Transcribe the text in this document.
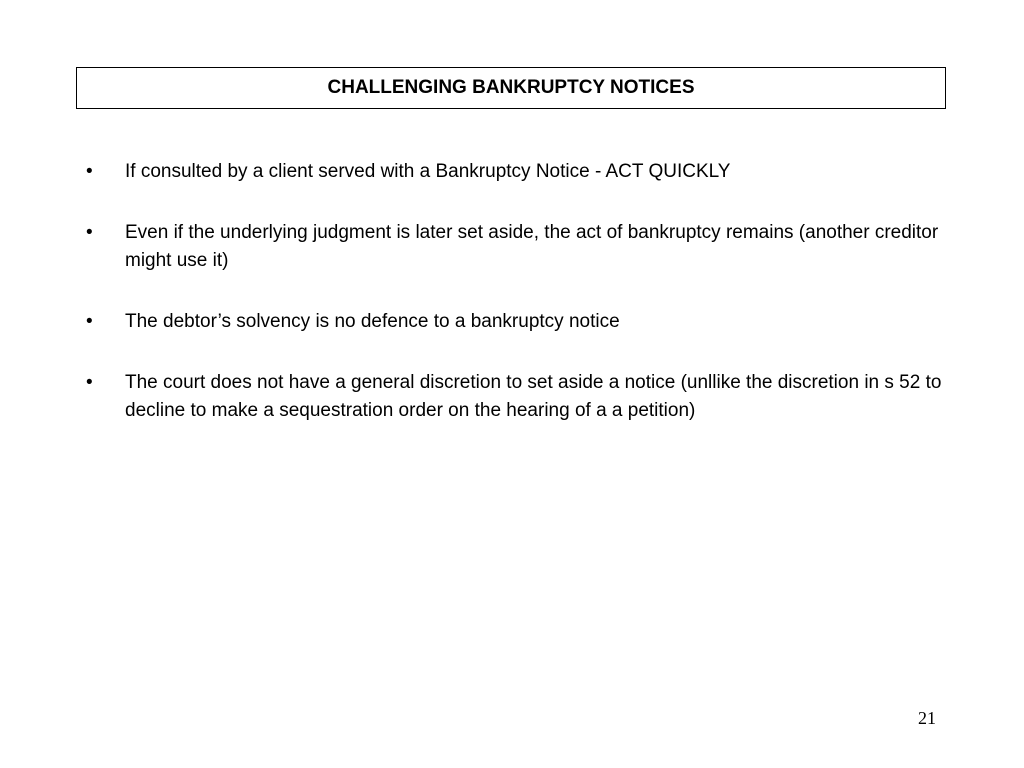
CHALLENGING BANKRUPTCY NOTICES
•	If consulted by a client served with a Bankruptcy Notice - ACT QUICKLY
•	Even if the underlying judgment is later set aside, the act of bankruptcy remains (another creditor might use it)
•	The debtor’s solvency is no defence to a bankruptcy notice
•	The court does not have a general discretion to set aside a notice (unllike the discretion in s 52 to decline to make a sequestration order on the hearing of a a petition)
21
